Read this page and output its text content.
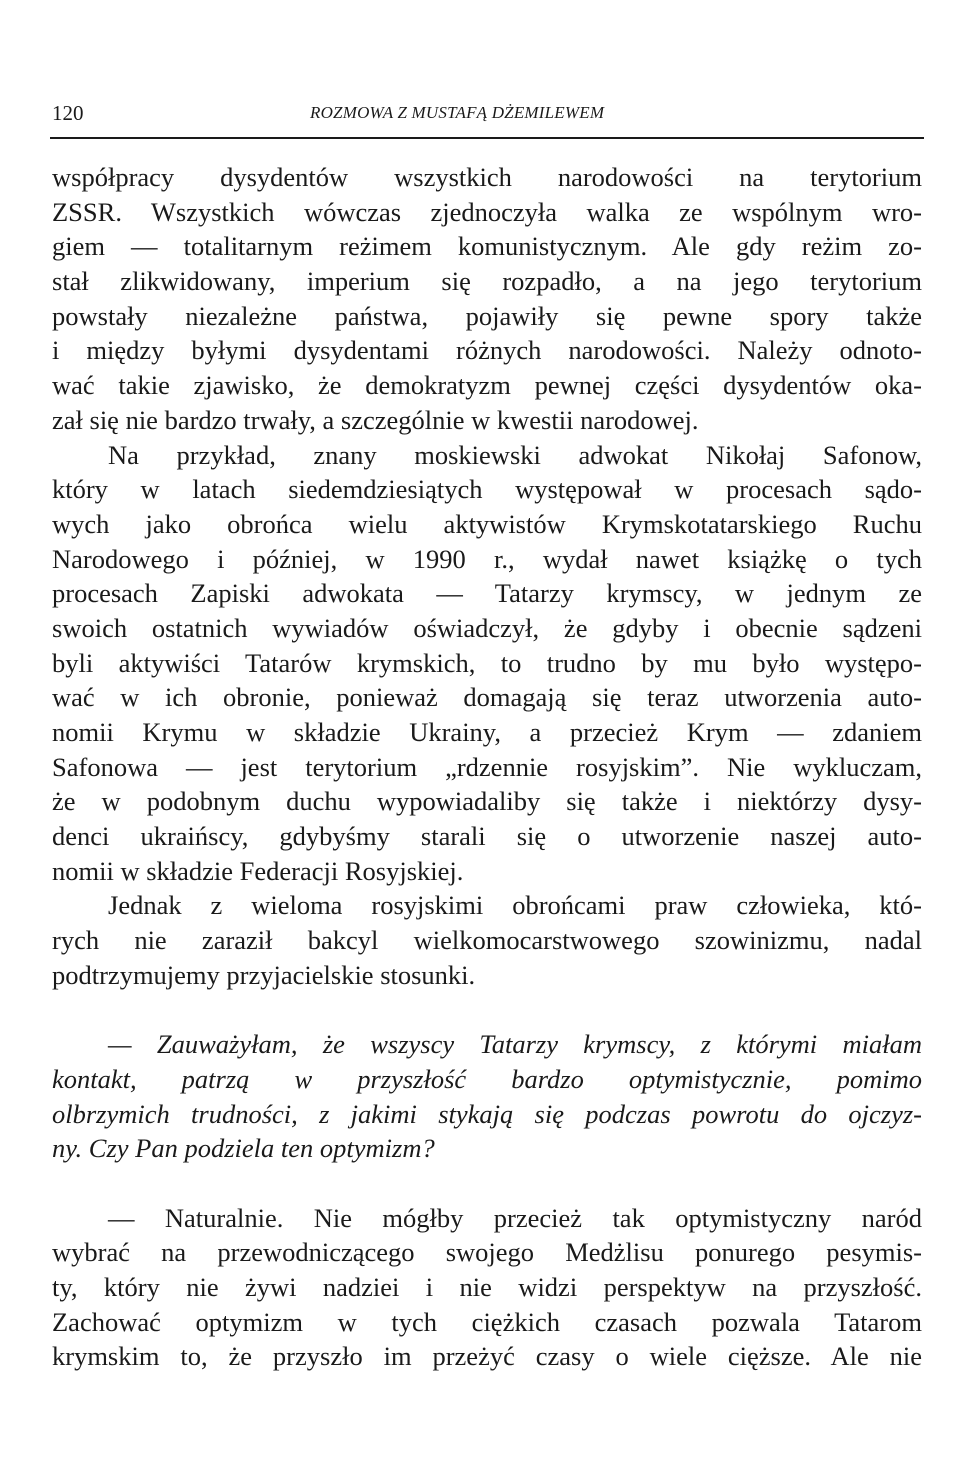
120	ROZMOWA Z MUSTAFĄ DŻEMILEWEM
współpracy dysydentów wszystkich narodowości na terytorium
ZSSR. Wszystkich wówczas zjednoczyła walka ze wspólnym wro-
giem — totalitarnym reżimem komunistycznym. Ale gdy reżim zo-
stał zlikwidowany, imperium się rozpadło, a na jego terytorium
powstały niezależne państwa, pojawiły się pewne spory także
i między byłymi dysydentami różnych narodowości. Należy odnoto-
wać takie zjawisko, że demokratyzm pewnej części dysydentów oka-
zał się nie bardzo trwały, a szczególnie w kwestii narodowej.
Na przykład, znany moskiewski adwokat Nikołaj Safonow,
który w latach siedemdziesiątych występował w procesach sądo-
wych jako obrońca wielu aktywistów Krymskotatarskiego Ruchu
Narodowego i później, w 1990 r., wydał nawet książkę o tych
procesach Zapiski adwokata — Tatarzy krymscy, w jednym ze
swoich ostatnich wywiadów oświadczył, że gdyby i obecnie sądzeni
byli aktywiści Tatarów krymskich, to trudno by mu było występo-
wać w ich obronie, ponieważ domagają się teraz utworzenia auto-
nomii Krymu w składzie Ukrainy, a przecież Krym — zdaniem
Safonowa — jest terytorium „rdzennie rosyjskim”. Nie wykluczam,
że w podobnym duchu wypowiadaliby się także i niektórzy dysy-
denci ukraińscy, gdybyśmy starali się o utworzenie naszej auto-
nomii w składzie Federacji Rosyjskiej.
Jednak z wieloma rosyjskimi obrońcami praw człowieka, któ-
rych nie zaraził bakcyl wielkomocarstwowego szowinizmu, nadal
podtrzymujemy przyjacielskie stosunki.
— Zauważyłam, że wszyscy Tatarzy krymscy, z którymi miałam
kontakt, patrzą w przyszłość bardzo optymistycznie, pomimo
olbrzymich trudności, z jakimi stykają się podczas powrotu do ojczyz-
ny. Czy Pan podziela ten optymizm?
— Naturalnie. Nie mógłby przecież tak optymistyczny naród
wybrać na przewodniczącego swojego Medżlisu ponurego pesymis-
ty, który nie żywi nadziei i nie widzi perspektyw na przyszłość.
Zachować optymizm w tych ciężkich czasach pozwala Tatarom
krymskim to, że przyszło im przeżyć czasy o wiele cięższe. Ale nie
